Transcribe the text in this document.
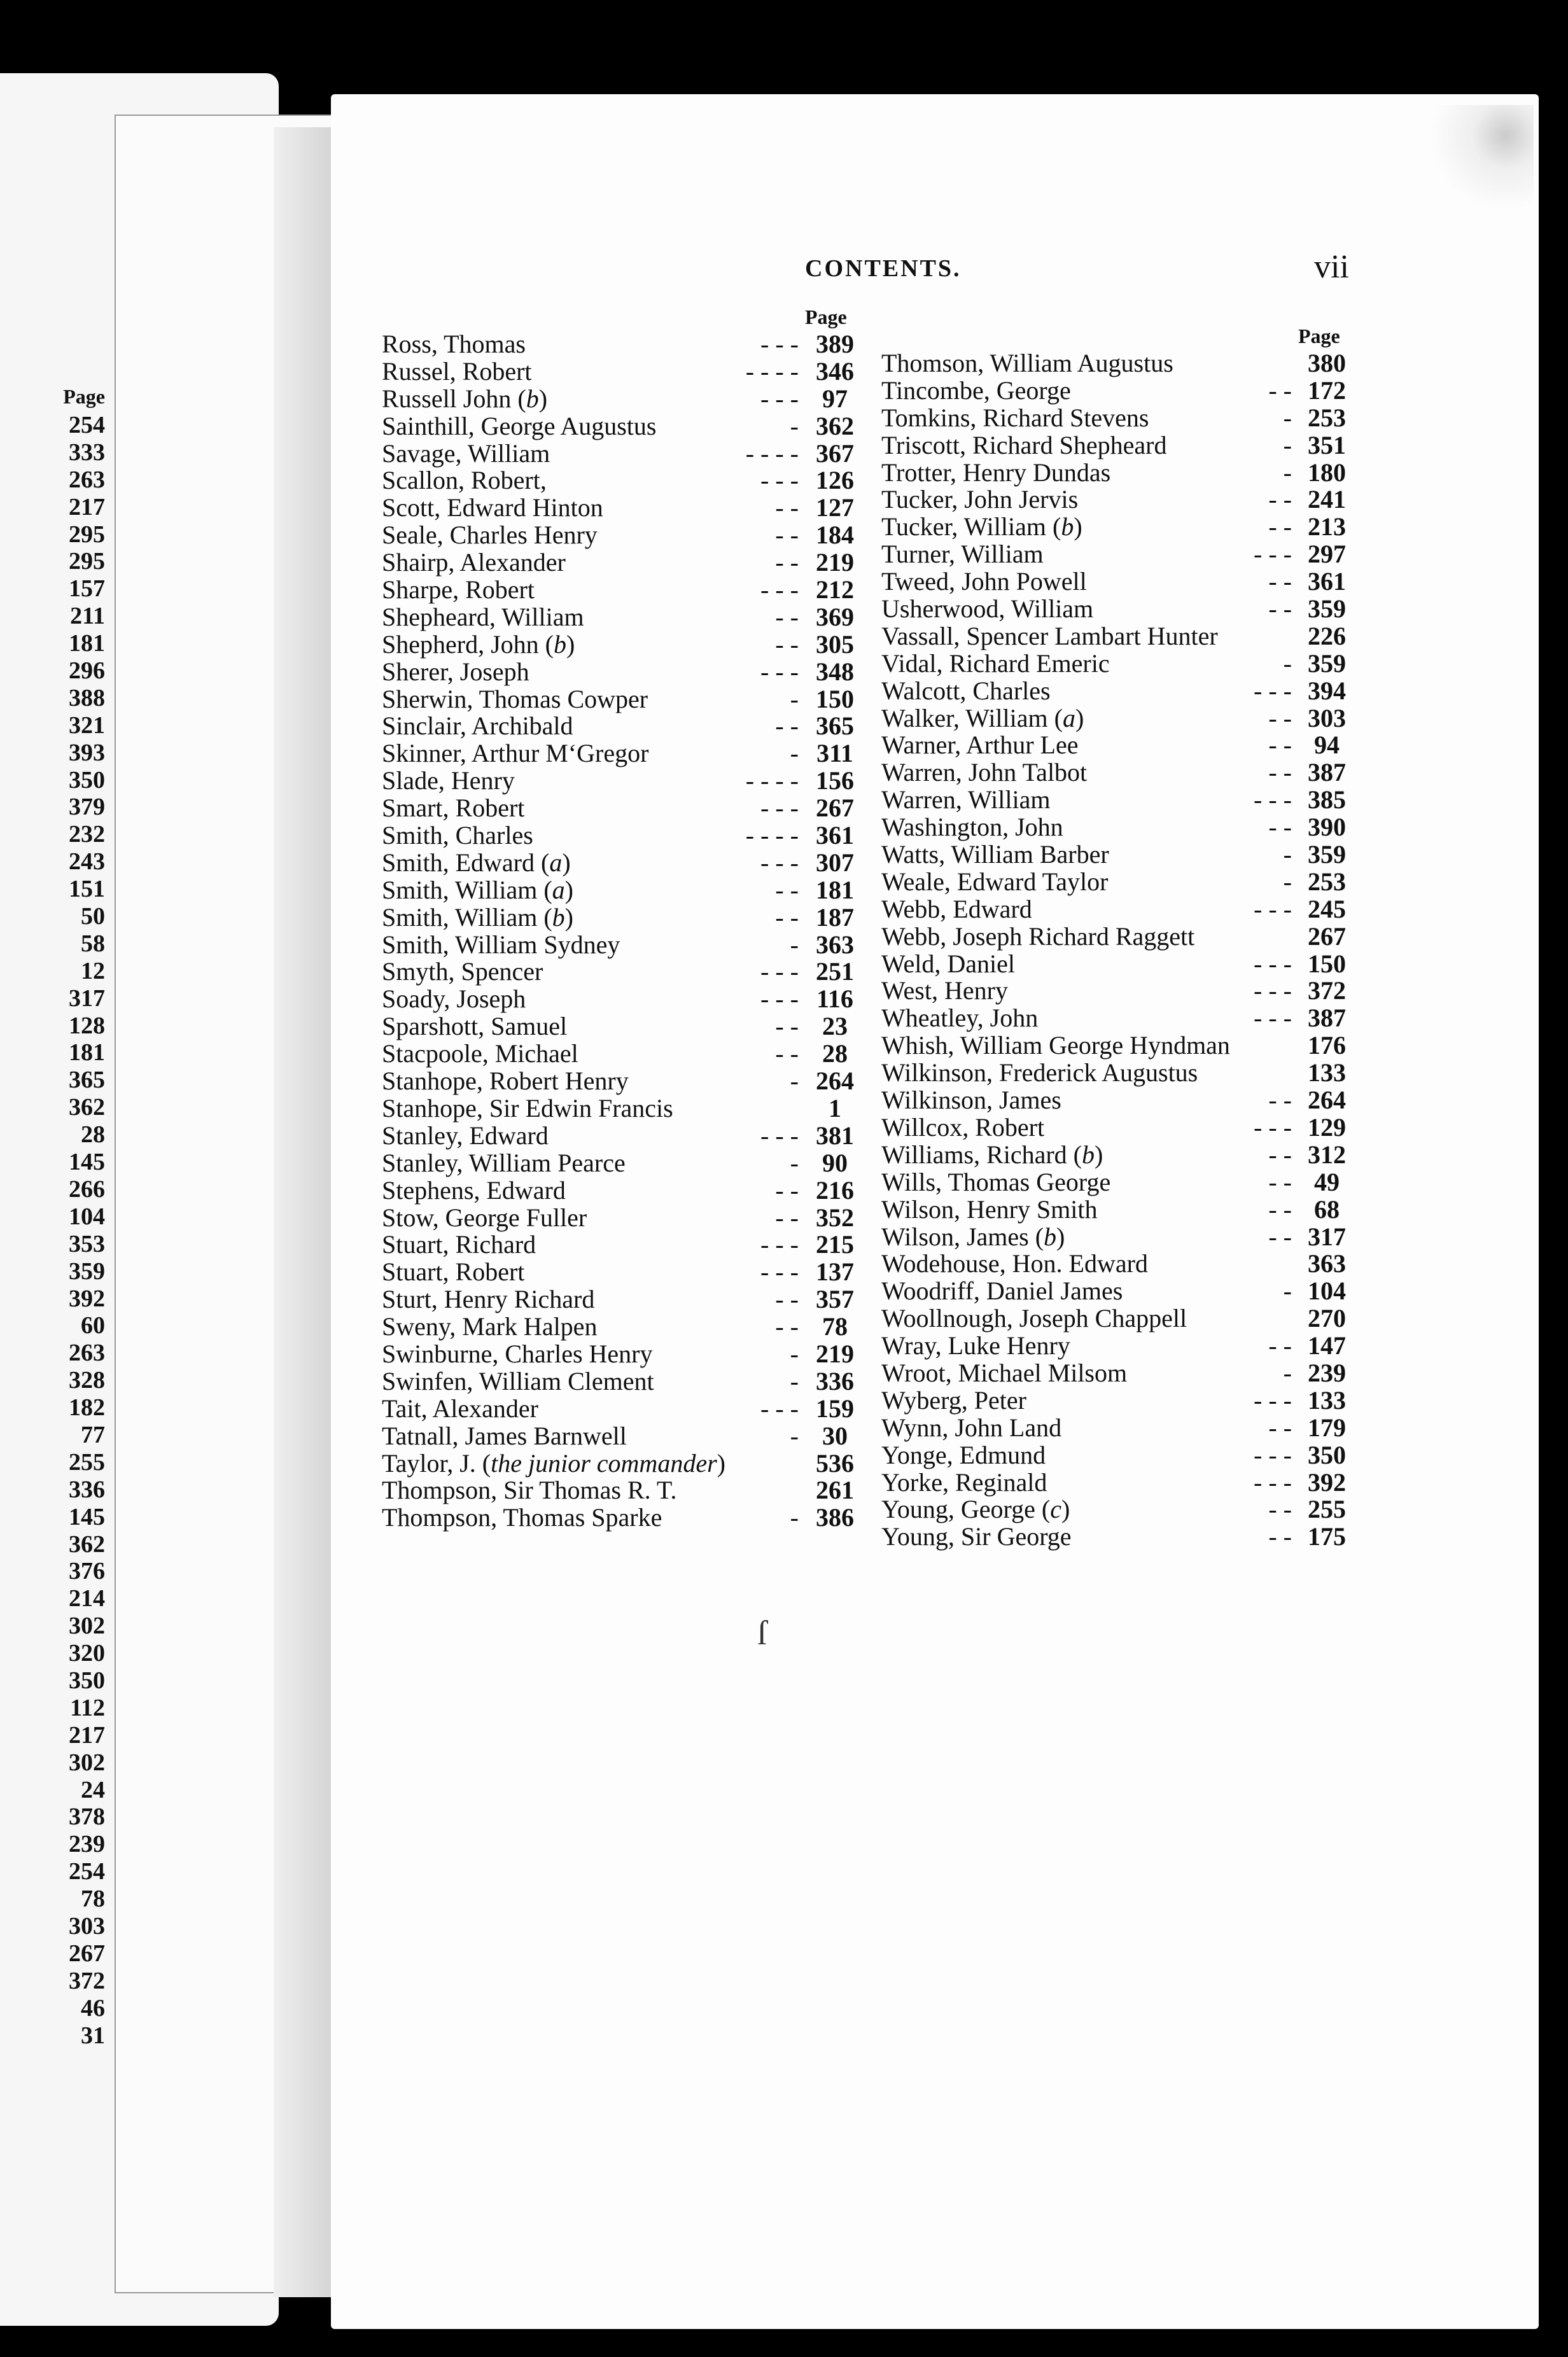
Page
254
333
263
217
295
295
157
211
181
296
388
321
393
350
379
232
243
151
50
58
12
317
128
181
365
362
28
145
266
104
353
359
392
60
263
328
182
77
255
336
145
362
376
214
302
320
350
112
217
302
24
378
239
254
78
303
267
372
46
31
CONTENTS.	vii
Page
Ross, Thomas	- - - 389
Russel, Robert	- - - - 346
Russell John (b)	- - - 97
Sainthill, George Augustus	- 362
Savage, William	- - - - 367
Scallon, Robert,	- - - 126
Scott, Edward Hinton	- - 127
Seale, Charles Henry	- - 184
Shairp, Alexander	- - 219
Sharpe, Robert	- - - 212
Shepheard, William	- - 369
Shepherd, John (b)	- - 305
Sherer, Joseph	- - - 348
Sherwin, Thomas Cowper	- 150
Sinclair, Archibald	- - 365
Skinner, Arthur M‘Gregor	- 311
Slade, Henry	- - - - 156
Smart, Robert	- - - 267
Smith, Charles	- - - - 361
Smith, Edward (a)	- - - 307
Smith, William (a)	- - 181
Smith, William (b)	- - 187
Smith, William Sydney	- 363
Smyth, Spencer	- - - 251
Soady, Joseph	- - - 116
Sparshott, Samuel	- - 23
Stacpoole, Michael	- - 28
Stanhope, Robert Henry	- 264
Stanhope, Sir Edwin Francis	1
Stanley, Edward	- - - 381
Stanley, William Pearce	- 90
Stephens, Edward	- - 216
Stow, George Fuller	- - 352
Stuart, Richard	- - - 215
Stuart, Robert	- - - 137
Sturt, Henry Richard	- - 357
Sweny, Mark Halpen	- - 78
Swinburne, Charles Henry	- 219
Swinfen, William Clement	- 336
Tait, Alexander	- - - 159
Tatnall, James Barnwell	- 30
Taylor, J. (the junior commander)	536
Thompson, Sir Thomas R. T.	261
Thompson, Thomas Sparke	- 386
Page
Thomson, William Augustus	380
Tincombe, George	- - 172
Tomkins, Richard Stevens	- 253
Triscott, Richard Shepheard	- 351
Trotter, Henry Dundas	- 180
Tucker, John Jervis	- - 241
Tucker, William (b)	- - 213
Turner, William	- - - 297
Tweed, John Powell	- - 361
Usherwood, William	- - 359
Vassall, Spencer Lambart Hunter	226
Vidal, Richard Emeric	- 359
Walcott, Charles	- - - 394
Walker, William (a)	- - 303
Warner, Arthur Lee	- - 94
Warren, John Talbot	- - 387
Warren, William	- - - 385
Washington, John	- - 390
Watts, William Barber	- 359
Weale, Edward Taylor	- 253
Webb, Edward	- - - 245
Webb, Joseph Richard Raggett	267
Weld, Daniel	- - - 150
West, Henry	- - - 372
Wheatley, John	- - - 387
Whish, William George Hyndman	176
Wilkinson, Frederick Augustus	133
Wilkinson, James	- - 264
Willcox, Robert	- - - 129
Williams, Richard (b)	- - 312
Wills, Thomas George	- - 49
Wilson, Henry Smith	- - 68
Wilson, James (b)	- - 317
Wodehouse, Hon. Edward	363
Woodriff, Daniel James	- 104
Woollnough, Joseph Chappell	270
Wray, Luke Henry	- - 147
Wroot, Michael Milsom	- 239
Wyberg, Peter	- - - 133
Wynn, John Land	- - 179
Yonge, Edmund	- - - 350
Yorke, Reginald	- - - 392
Young, George (c)	- - 255
Young, Sir George	- - 175
ſ
